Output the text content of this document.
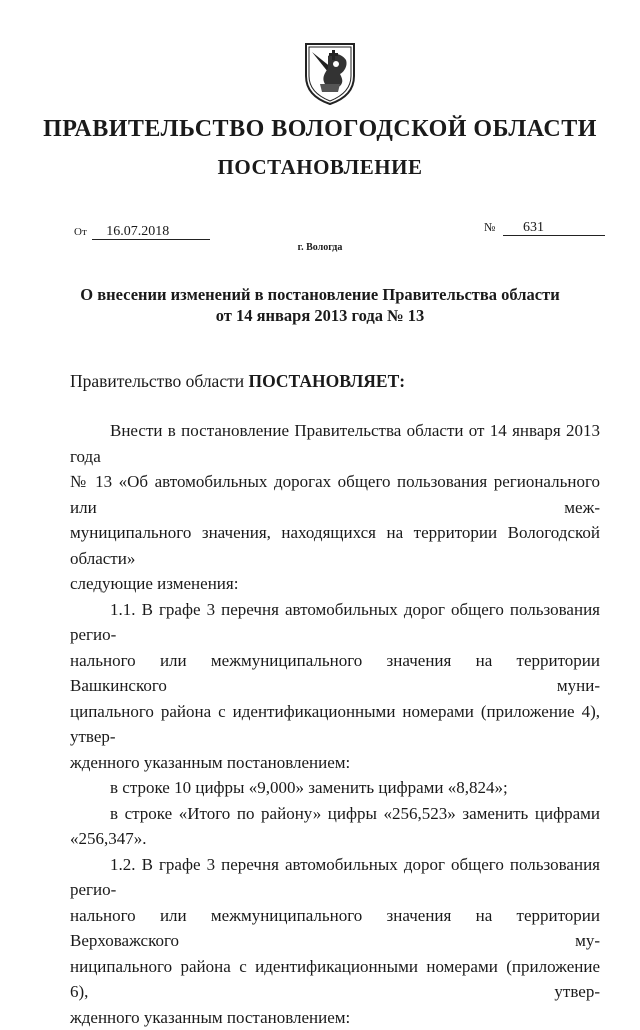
ПРАВИТЕЛЬСТВО ВОЛОГОДСКОЙ ОБЛАСТИ
ПОСТАНОВЛЕНИЕ
От 16.07.2018	№ 631
г. Вологда
О внесении изменений в постановление Правительства области
от 14 января 2013 года № 13
Правительство области ПОСТАНОВЛЯЕТ:

Внести в постановление Правительства области от 14 января 2013 года

№ 13 «Об автомобильных дорогах общего пользования регионального или меж-

муниципального значения, находящихся на территории Вологодской области»

следующие изменения:

1.1. В графе 3 перечня автомобильных дорог общего пользования регио-

нального или межмуниципального значения на территории Вашкинского муни-

ципального района с идентификационными номерами (приложение 4), утвер-

жденного указанным постановлением:

в строке 10 цифры «9,000» заменить цифрами «8,824»;

в строке «Итого по району» цифры «256,523» заменить цифрами

«256,347».

1.2. В графе 3 перечня автомобильных дорог общего пользования регио-

нального или межмуниципального значения на территории Верховажского му-

ниципального района с идентификационными номерами (приложение 6), утвер-

жденного указанным постановлением:
